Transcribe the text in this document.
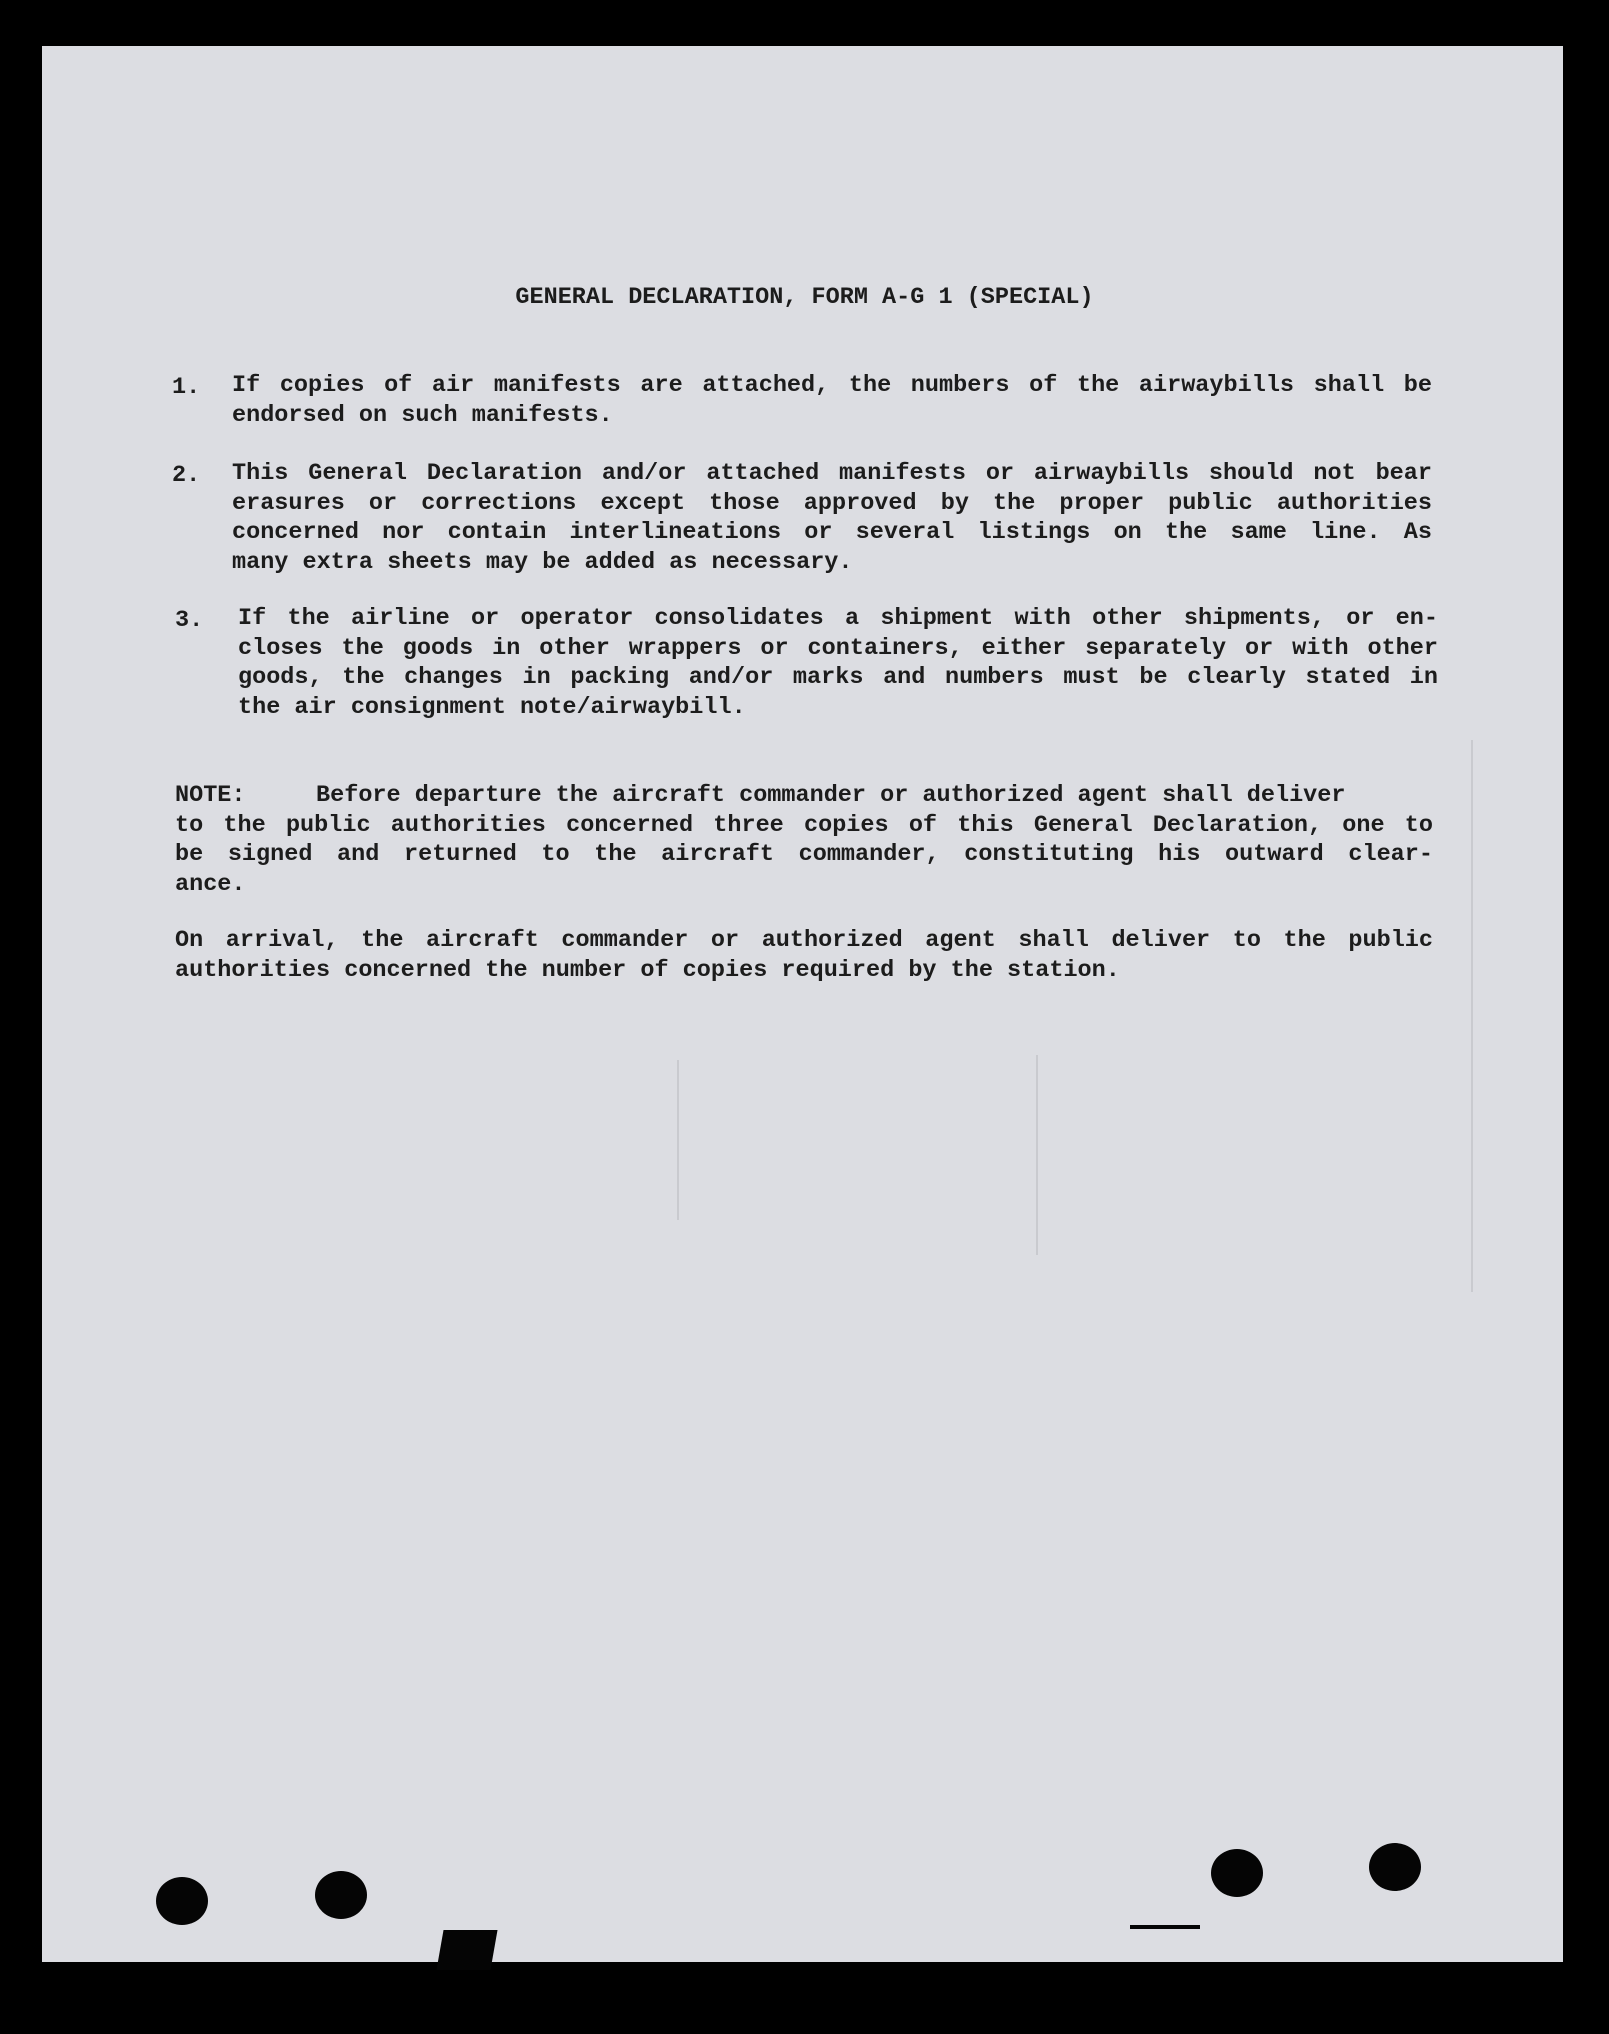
GENERAL DECLARATION, FORM A-G 1 (SPECIAL)
1. If copies of air manifests are attached, the numbers of the airwaybills shall be
endorsed on such manifests.
2. This General Declaration and/or attached manifests or airwaybills should not bear
erasures or corrections except those approved by the proper public authorities
concerned nor contain interlineations or several listings on the same line. As
many extra sheets may be added as necessary.
3. If the airline or operator consolidates a shipment with other shipments, or en-
closes the goods in other wrappers or containers, either separately or with other
goods, the changes in packing and/or marks and numbers must be clearly stated in
the air consignment note/airwaybill.
NOTE:     Before departure the aircraft commander or authorized agent shall deliver
to the public authorities concerned three copies of this General Declaration, one to
be signed and returned to the aircraft commander, constituting his outward clear-
ance.
On arrival, the aircraft commander or authorized agent shall deliver to the public
authorities concerned the number of copies required by the station.
